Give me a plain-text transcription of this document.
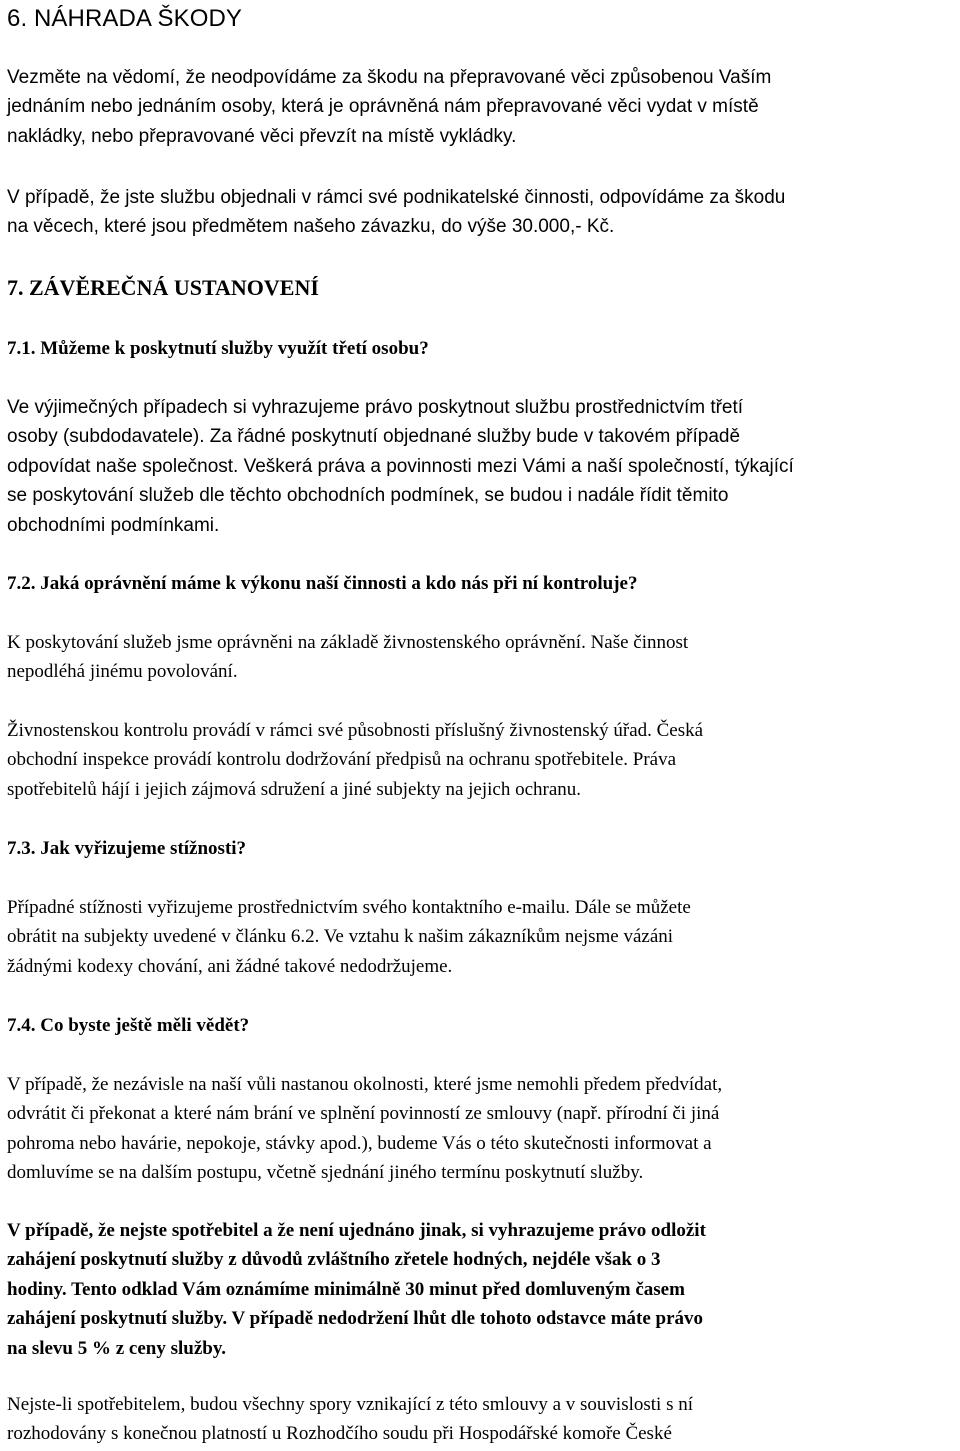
6. NÁHRADA ŠKODY
Vezměte na vědomí, že neodpovídáme za škodu na přepravované věci způsobenou Vaším
jednáním nebo jednáním osoby, která je oprávněná nám přepravované věci vydat v místě
nakládky, nebo přepravované věci převzít na místě vykládky.
V případě, že jste službu objednali v rámci své podnikatelské činnosti, odpovídáme za škodu
na věcech, které jsou předmětem našeho závazku, do výše 30.000,- Kč.
7. ZÁVĚREČNÁ USTANOVENÍ
7.1. Můžeme k poskytnutí služby využít třetí osobu?
Ve výjimečných případech si vyhrazujeme právo poskytnout službu prostřednictvím třetí
osoby (subdodavatele). Za řádné poskytnutí objednané služby bude v takovém případě
odpovídat naše společnost. Veškerá práva a povinnosti mezi Vámi a naší společností, týkající
se poskytování služeb dle těchto obchodních podmínek, se budou i nadále řídit těmito
obchodními podmínkami.
7.2. Jaká oprávnění máme k výkonu naší činnosti a kdo nás při ní kontroluje?
K poskytování služeb jsme oprávněni na základě živnostenského oprávnění. Naše činnost
nepodléhá jinému povolování.
Živnostenskou kontrolu provádí v rámci své působnosti příslušný živnostenský úřad. Česká
obchodní inspekce provádí kontrolu dodržování předpisů na ochranu spotřebitele. Práva
spotřebitelů hájí i jejich zájmová sdružení a jiné subjekty na jejich ochranu.
7.3. Jak vyřizujeme stížnosti?
Případné stížnosti vyřizujeme prostřednictvím svého kontaktního e-mailu. Dále se můžete
obrátit na subjekty uvedené v článku 6.2. Ve vztahu k našim zákazníkům nejsme vázáni
žádnými kodexy chování, ani žádné takové nedodržujeme.
7.4. Co byste ještě měli vědět?
V případě, že nezávisle na naší vůli nastanou okolnosti, které jsme nemohli předem předvídat,
odvrátit či překonat a které nám brání ve splnění povinností ze smlouvy (např. přírodní či jiná
pohroma nebo havárie, nepokoje, stávky apod.), budeme Vás o této skutečnosti informovat a
domluvíme se na dalším postupu, včetně sjednání jiného termínu poskytnutí služby.
V případě, že nejste spotřebitel a že není ujednáno jinak, si vyhrazujeme právo odložit
zahájení poskytnutí služby z důvodů zvláštního zřetele hodných, nejdéle však o 3
hodiny. Tento odklad Vám oznámíme minimálně 30 minut před domluveným časem
zahájení poskytnutí služby. V případě nedodržení lhůt dle tohoto odstavce máte právo
na slevu 5 % z ceny služby.
Nejste-li spotřebitelem, budou všechny spory vznikající z této smlouvy a v souvislosti s ní
rozhodovány s konečnou platností u Rozhodčího soudu při Hospodářské komoře České
